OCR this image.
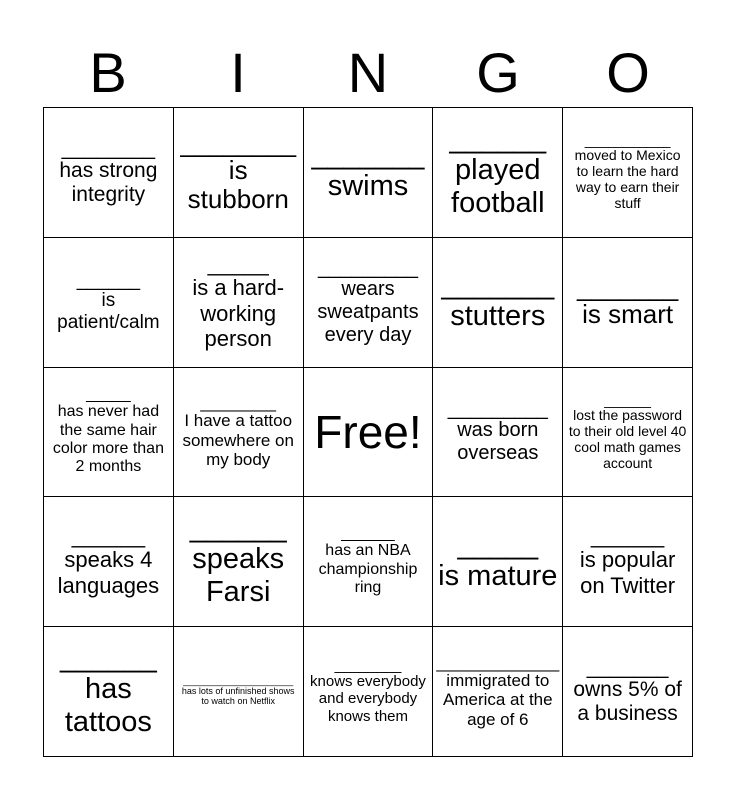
B	I	N	G	O
________
has strong integrity
________
is stubborn
_______
swims
______
played football
___________
moved to Mexico to learn the hard way to earn their stuff
______
is patient/calm
_____
is a hard-working person
_________
wears sweatpants every day
_______
stutters
_______
is smart
_____
has never had the same hair color more than 2 months
________
I have a tattoo somewhere on my body
Free! _________
was born overseas
______
lost the password to their old level 40 cool math games account
______
speaks 4 languages
______
speaks Farsi
______
has an NBA championship ring
_____
is mature
______
is popular on Twitter
______
has tattoos
______________________
has lots of unfinished shows to watch on Netflix
________
knows everybody and everybody knows them
_____________
immigrated to America at the age of 6
_______
owns 5% of a business
